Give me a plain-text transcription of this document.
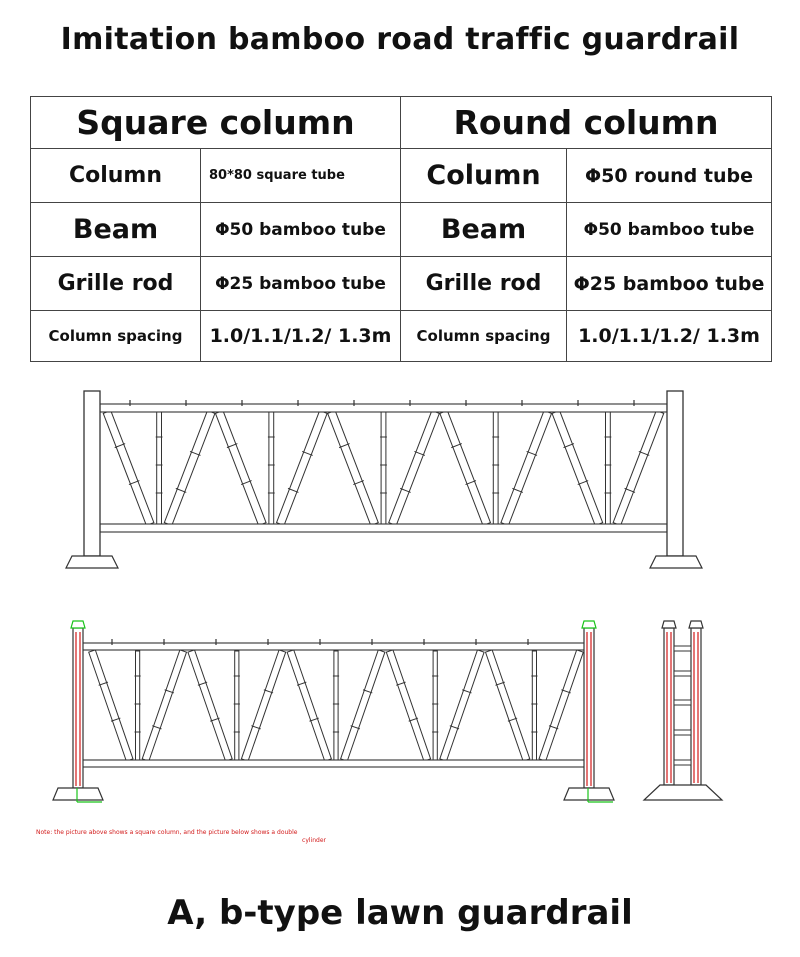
Imitation bamboo road traffic guardrail
Square column		Round column	
Column	80*80 square tube	Column	Φ50 round tube
Beam	Φ50 bamboo tube	Beam	Φ50 bamboo tube
Grille rod	Φ25 bamboo tube	Grille rod	Φ25 bamboo tube
Column spacing	1.0/1.1/1.2/ 1.3m	Column spacing	1.0/1.1/1.2/ 1.3m
Note: the picture above shows a square column, and the picture below shows a double
cylinder
A, b-type lawn guardrail
